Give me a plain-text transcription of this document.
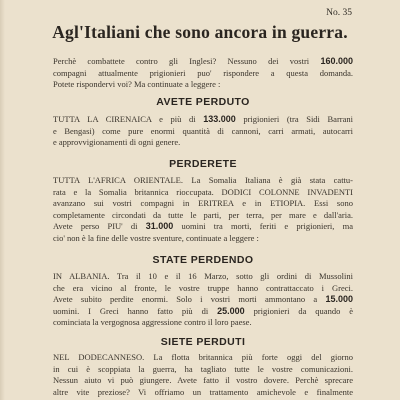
No. 35
Agl'Italiani che sono ancora in guerra.
Perchè combattete contro gli Inglesi? Nessuno dei vostri 160.000
compagni attualmente prigionieri puo' rispondere a questa domanda.
Potete rispondervi voi? Ma continuate a leggere :
AVETE PERDUTO
TUTTA LA CIRENAICA e più di 133.000 prigionieri (tra Sidi Barrani
e Bengasi) come pure enormi quantità di cannoni, carri armati, autocarri
e approvvigionamenti di ogni genere.
PERDERETE
TUTTA L'AFRICA ORIENTALE. La Somalia Italiana è già stata cattu-
rata e la Somalia britannica rioccupata. DODICI COLONNE INVADENTI
avanzano sui vostri compagni in ERITREA e in ETIOPIA. Essi sono
completamente circondati da tutte le parti, per terra, per mare e dall'aria.
Avete perso PIU' di 31.000 uomini tra morti, feriti e prigionieri, ma
cio' non è la fine delle vostre sventure, continuate a leggere :
STATE PERDENDO
IN ALBANIA. Tra il 10 e il 16 Marzo, sotto gli ordini di Mussolini
che era vicino al fronte, le vostre truppe hanno contrattaccato i Greci.
Avete subito perdite enormi. Solo i vostri morti ammontano a 15.000
uomini. I Greci hanno fatto più di 25.000 prigionieri da quando è
cominciata la vergognosa aggressione contro il loro paese.
SIETE PERDUTI
NEL DODECANNESO. La flotta britannica più forte oggi del giorno
in cui è scoppiata la guerra, ha tagliato tutte le vostre comunicazioni.
Nessun aiuto vi può giungere. Avete fatto il vostro dovere. Perchè sprecare
altre vite preziose? Vi offriamo un trattamento amichevole e finalmente
